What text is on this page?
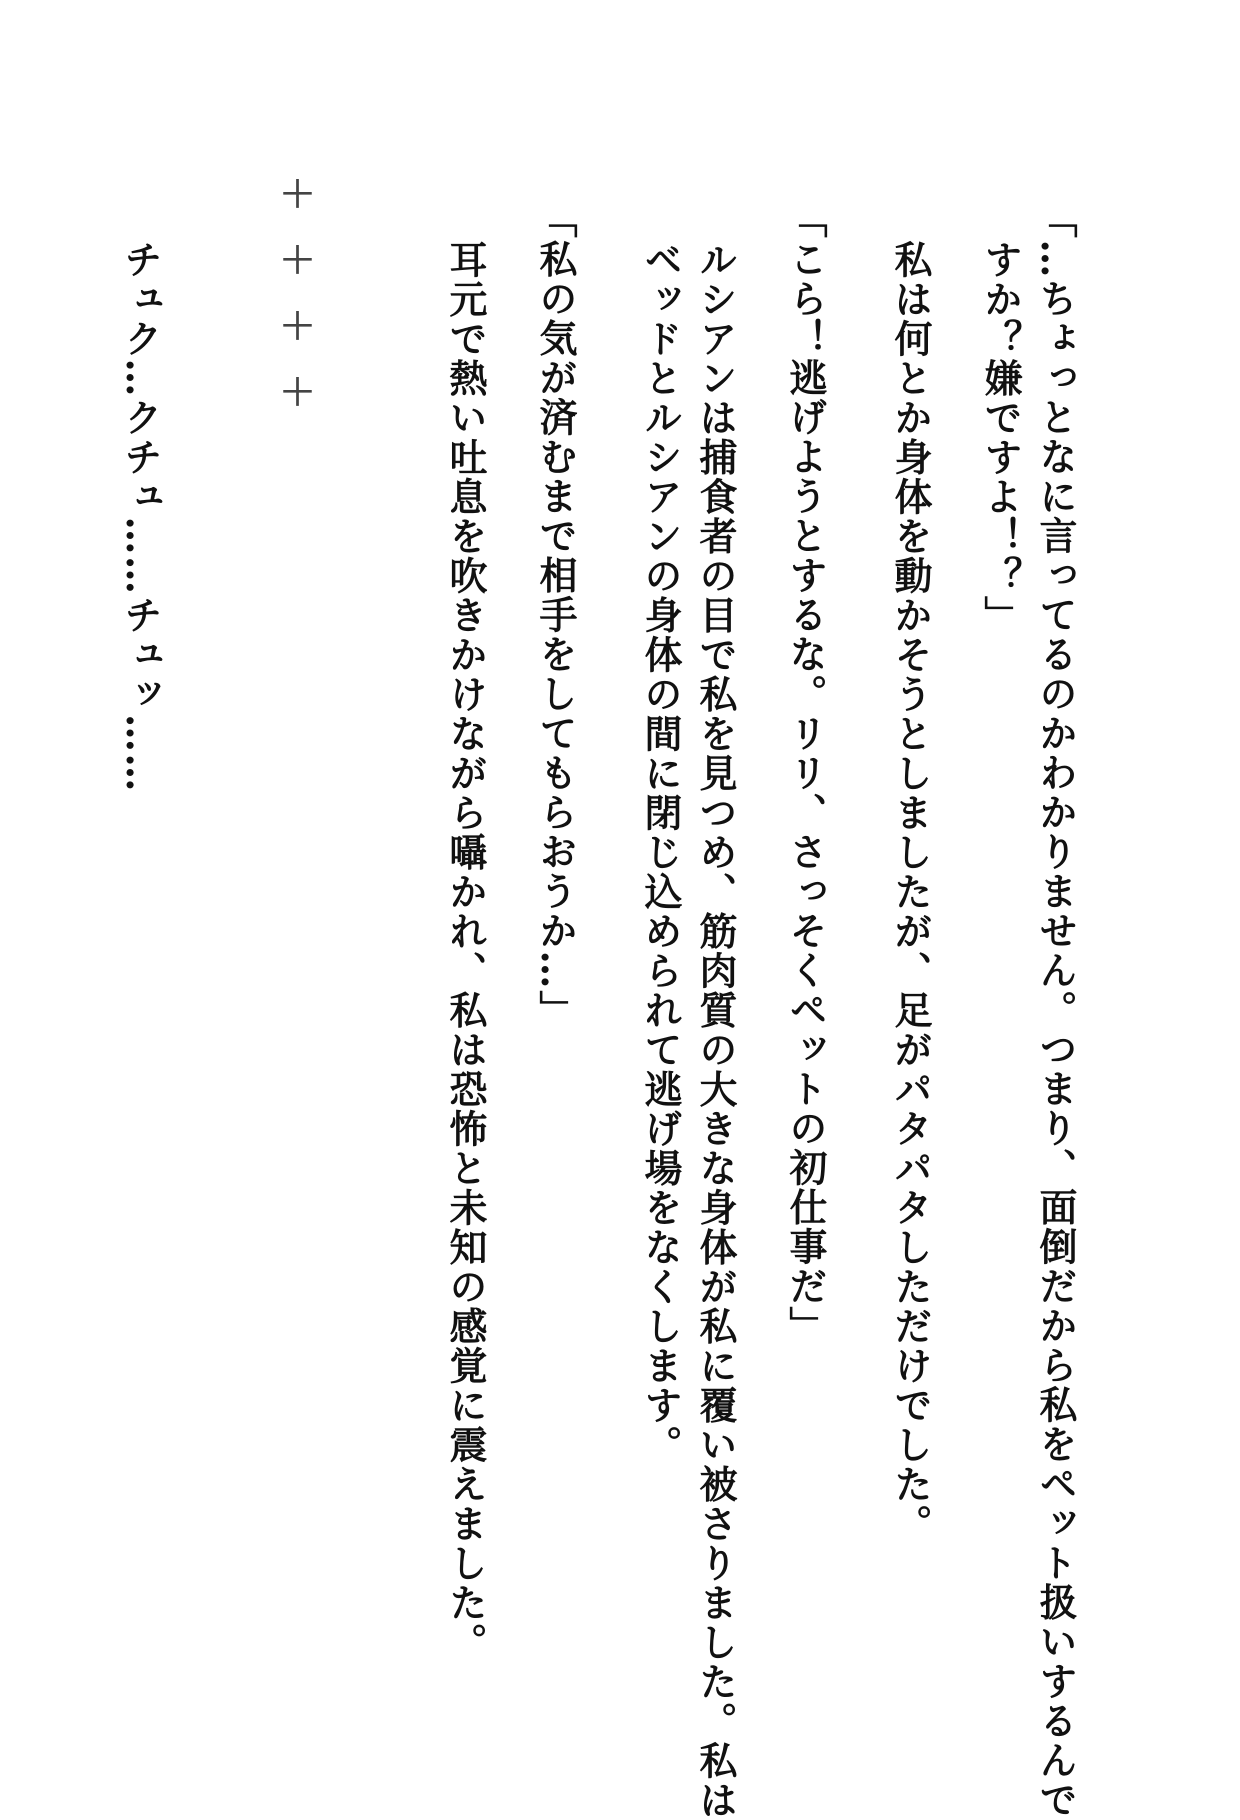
「…ちょっとなに言ってるのかわかりません。つまり、面倒だから私をペット扱いするんで
すか？嫌ですよ！？」
私は何とか身体を動かそうとしましたが、足がパタパタしただけでした。
「こら！逃げようとするな。リリ、さっそくペットの初仕事だ」
ルシアンは捕食者の目で私を見つめ、筋肉質の大きな身体が私に覆い被さりました。私は
ベッドとルシアンの身体の間に閉じ込められて逃げ場をなくします。
「私の気が済むまで相手をしてもらおうか…」
耳元で熱い吐息を吹きかけながら囁かれ、私は恐怖と未知の感覚に震えました。
＋＋＋＋
チュク…クチュ……チュッ……
